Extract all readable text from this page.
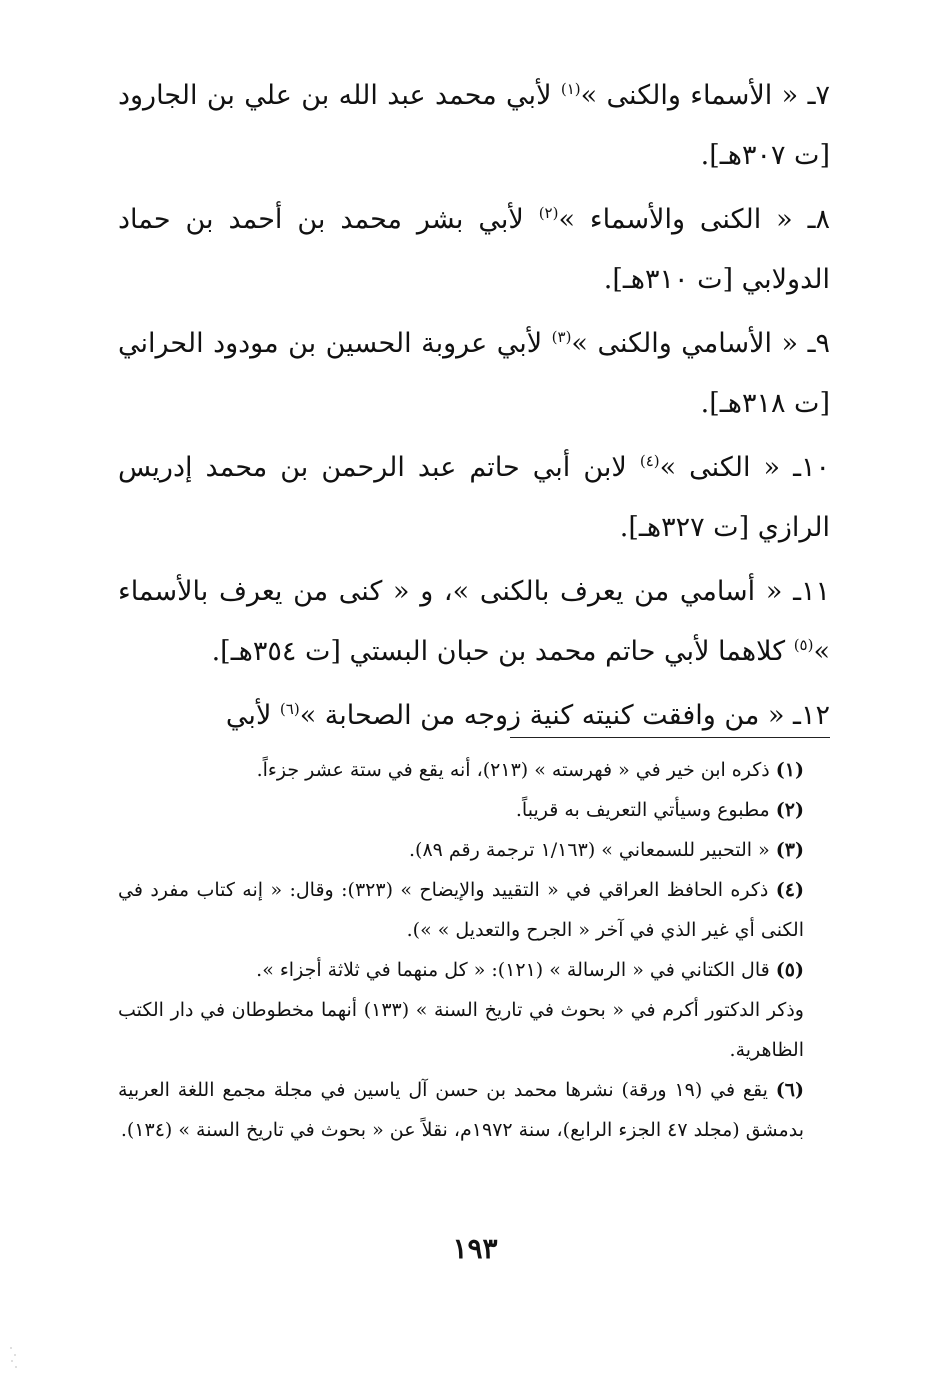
٧ـ « الأسماء والكنى »$^{(١)}$ لأبي محمد عبد الله بن علي بن الجارود [ت ٣٠٧هـ].

٨ـ « الكنى والأسماء »$^{(٢)}$ لأبي بشر محمد بن أحمد بن حماد الدولابي [ت ٣١٠هـ].

٩ـ « الأسامي والكنى »$^{(٣)}$ لأبي عروبة الحسين بن مودود الحراني [ت ٣١٨هـ].

١٠ـ « الكنى »$^{(٤)}$ لابن أبي حاتم عبد الرحمن بن محمد إدريس الرازي [ت ٣٢٧هـ].

١١ـ « أسامي من يعرف بالكنى »، و « كنى من يعرف بالأسماء »$^{(٥)}$ كلاهما لأبي حاتم محمد بن حبان البستي [ت ٣٥٤هـ].

١٢ـ « من وافقت كنيته كنية زوجه من الصحابة »$^{(٦)}$ لأبي

(١) ذكره ابن خير في « فهرسته » (٢١٣)، أنه يقع في ستة عشر جزءاً.

(٢) مطبوع وسيأتي التعريف به قريباً.

(٣) « التحبير للسمعاني » (١/١٦٣ ترجمة رقم ٨٩).

(٤) ذكره الحافظ العراقي في « التقييد والإيضاح » (٣٢٣): وقال: « إنه كتاب مفرد في الكنى أي غير الذي في آخر « الجرح والتعديل » »).

(٥) قال الكتاني في « الرسالة » (١٢١): « كل منهما في ثلاثة أجزاء ».

وذكر الدكتور أكرم في « بحوث في تاريخ السنة » (١٣٣) أنهما مخطوطان في دار الكتب الظاهرية.

(٦) يقع في (١٩ ورقة) نشرها محمد بن حسن آل ياسين في مجلة مجمع اللغة العربية بدمشق (مجلد ٤٧ الجزء الرابع)، سنة ١٩٧٢م، نقلاً عن « بحوث في تاريخ السنة » (١٣٤).

١٩٣
